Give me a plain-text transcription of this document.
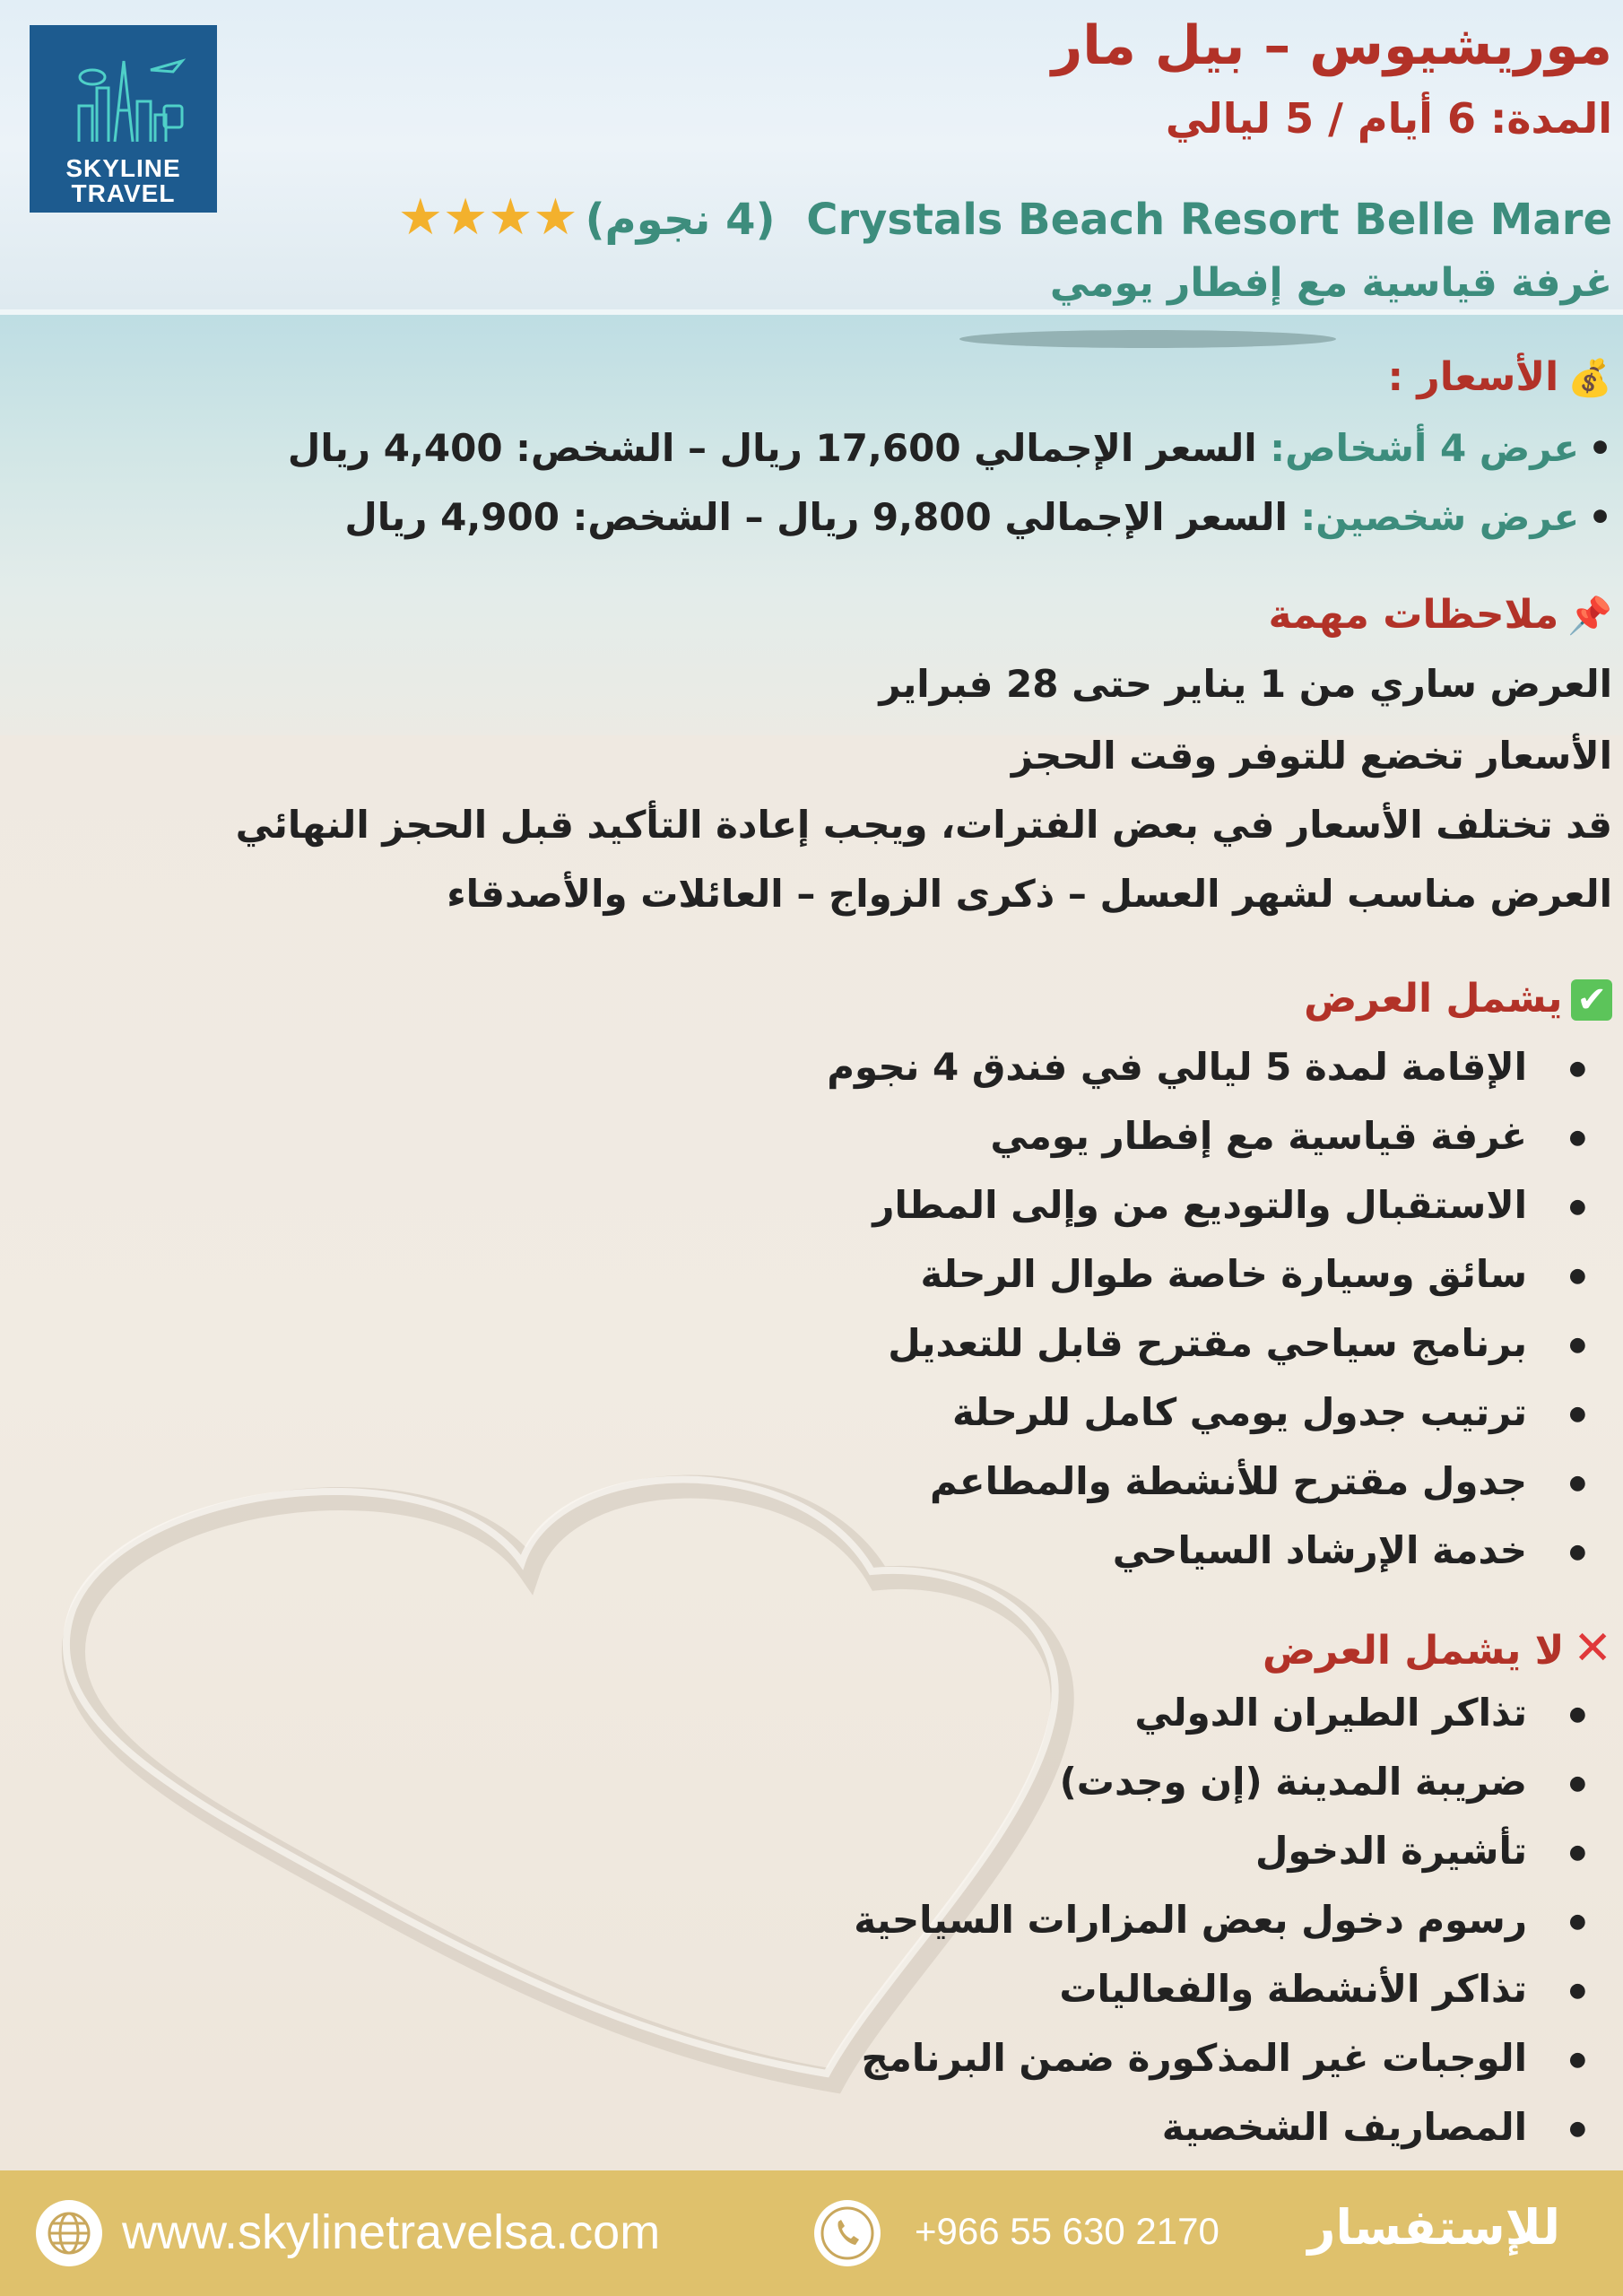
SKYLINE
TRAVEL
موريشيوس – بيل مار
المدة: 6 أيام / 5 ليالي
★★★★ (4 نجوم) Crystals Beach Resort Belle Mare
غرفة قياسية مع إفطار يومي
💰الأسعار :
•عرض 4 أشخاص: السعر الإجمالي 17,600 ريال – الشخص: 4,400 ريال
•عرض شخصين: السعر الإجمالي 9,800 ريال – الشخص: 4,900 ريال
📌ملاحظات مهمة
العرض ساري من 1 يناير حتى 28 فبراير
الأسعار تخضع للتوفر وقت الحجز
قد تختلف الأسعار في بعض الفترات، ويجب إعادة التأكيد قبل الحجز النهائي
العرض مناسب لشهر العسل – ذكرى الزواج – العائلات والأصدقاء
✔يشمل العرض
● الإقامة لمدة 5 ليالي في فندق 4 نجوم
● غرفة قياسية مع إفطار يومي
● الاستقبال والتوديع من وإلى المطار
● سائق وسيارة خاصة طوال الرحلة
● برنامج سياحي مقترح قابل للتعديل
● ترتيب جدول يومي كامل للرحلة
● جدول مقترح للأنشطة والمطاعم
● خدمة الإرشاد السياحي
✕لا يشمل العرض
● تذاكر الطيران الدولي
● ضريبة المدينة (إن وجدت)
● تأشيرة الدخول
● رسوم دخول بعض المزارات السياحية
● تذاكر الأنشطة والفعاليات
● الوجبات غير المذكورة ضمن البرنامج
● المصاريف الشخصية
www.skylinetravelsa.com	+966 55 630 2170 للإستفسار
